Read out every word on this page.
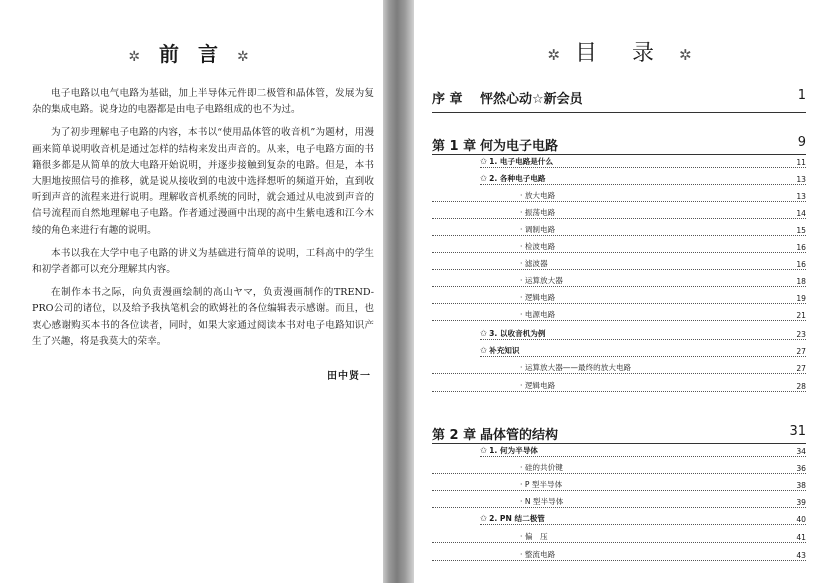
✲ 前 言 ✲

电子电路以电气电路为基础，加上半导体元件即二极管和晶体管，发展为复杂的集成电路。说身边的电器都是由电子电路组成的也不为过。

为了初步理解电子电路的内容，本书以“使用晶体管的收音机”为题材，用漫画来简单说明收音机是通过怎样的结构来发出声音的。从来，电子电路方面的书籍很多都是从简单的放大电路开始说明，并逐步接触到复杂的电路。但是，本书大胆地按照信号的推移，就是说从接收到的电波中选择想听的频道开始，直到收听到声音的流程来进行说明。理解收音机系统的同时，就会通过从电波到声音的信号流程而自然地理解电子电路。作者通过漫画中出现的高中生紫电透和江今木绫的角色来进行有趣的说明。

本书以我在大学中电子电路的讲义为基础进行简单的说明，工科高中的学生和初学者都可以充分理解其内容。

在制作本书之际，向负责漫画绘制的高山ヤマ，负责漫画制作的TREND-PRO公司的诸位，以及给予我执笔机会的欧姆社的各位编辑表示感谢。而且，也衷心感谢购买本书的各位读者，同时，如果大家通过阅读本书对电子电路知识产生了兴趣，将是我莫大的荣幸。

田中贤一
✲ 目 录 ✲
序 章	怦然心动☆新会员	1
第 1 章 何为电子电路	9
✩ 1. 电子电路是什么	11
✩ 2. 各种电子电路	13
· 放大电路	13
· 振荡电路	14
· 调制电路	15
· 检波电路	16
· 滤波器	16
· 运算放大器	18
· 逻辑电路	19
· 电源电路	21
✩ 3. 以收音机为例	23
✩ 补充知识	27
· 运算放大器——最终的放大电路	27
· 逻辑电路	28
第 2 章 晶体管的结构	31
✩ 1. 何为半导体	34
· 硅的共价键	36
· P 型半导体	38
· N 型半导体	39
✩ 2. PN 结二极管	40
· 偏　压	41
· 整流电路	43
